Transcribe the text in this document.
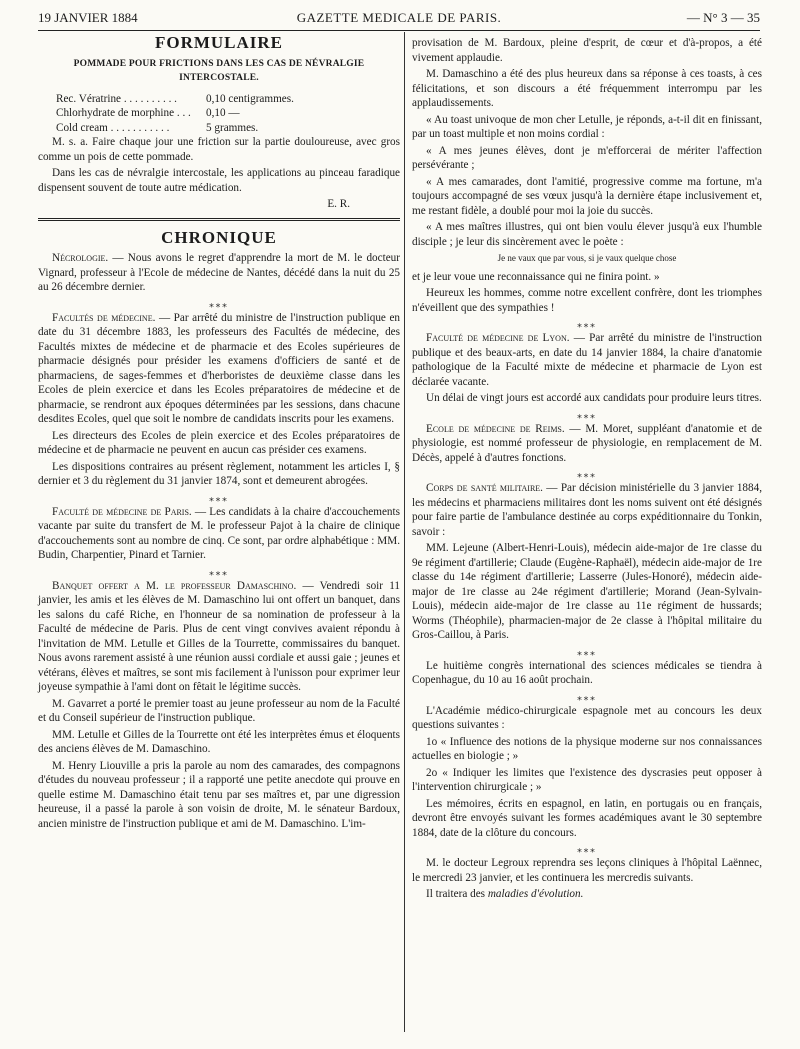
19 JANVIER 1884	GAZETTE MEDICALE DE PARIS.	— N° 3 — 35
FORMULAIRE
POMMADE POUR FRICTIONS DANS LES CAS DE NÉVRALGIE INTERCOSTALE.
Rec. Vératrine . . . . . . . . . .	0,10 centigrammes.
Chlorhydrate de morphine . . .	0,10 —
Cold cream . . . . . . . . . . .	5 grammes.

M. s. a. Faire chaque jour une friction sur la partie douloureuse, avec gros comme un pois de cette pommade.

Dans les cas de névralgie intercostale, les applications au pinceau faradique dispensent souvent de toute autre médication.

E. R.

CHRONIQUE

Nécrologie. — Nous avons le regret d'apprendre la mort de M. le docteur Vignard, professeur à l'Ecole de médecine de Nantes, décédé dans la nuit du 25 au 26 décembre dernier.

⁎⁎⁎

Facultés de médecine. — Par arrêté du ministre de l'instruction publique en date du 31 décembre 1883, les professeurs des Facultés de médecine, des Facultés mixtes de médecine et de pharmacie et des Ecoles supérieures de pharmacie désignés pour présider les examens d'officiers de santé et de pharmaciens, de sages-femmes et d'herboristes de deuxième classe dans les Ecoles de plein exercice et dans les Ecoles préparatoires de médecine et de pharmacie, se rendront aux époques déterminées par les sessions, dans chacune desdites Ecoles, quel que soit le nombre de candidats inscrits pour les examens.

Les directeurs des Ecoles de plein exercice et des Ecoles préparatoires de médecine et de pharmacie ne peuvent en aucun cas présider ces examens.

Les dispositions contraires au présent règlement, notamment les articles I, § dernier et 3 du règlement du 31 janvier 1874, sont et demeurent abrogées.

⁎⁎⁎

Faculté de médecine de Paris. — Les candidats à la chaire d'accouchements vacante par suite du transfert de M. le professeur Pajot à la chaire de clinique d'accouchements sont au nombre de cinq. Ce sont, par ordre alphabétique : MM. Budin, Charpentier, Pinard et Tarnier.

⁎⁎⁎

Banquet offert a M. le professeur Damaschino. — Vendredi soir 11 janvier, les amis et les élèves de M. Damaschino lui ont offert un banquet, dans les salons du café Riche, en l'honneur de sa nomination de professeur à la Faculté de médecine de Paris. Plus de cent vingt convives avaient répondu à l'invitation de MM. Letulle et Gilles de la Tourrette, commissaires du banquet. Nous avons rarement assisté à une réunion aussi cordiale et aussi gaie ; jeunes et vétérans, élèves et maîtres, se sont mis facilement à l'unisson pour exprimer leur joyeuse sympathie à l'ami dont on fêtait le légitime succès.

M. Gavarret a porté le premier toast au jeune professeur au nom de la Faculté et du Conseil supérieur de l'instruction publique.

MM. Letulle et Gilles de la Tourrette ont été les interprètes émus et éloquents des anciens élèves de M. Damaschino.

M. Henry Liouville a pris la parole au nom des camarades, des compagnons d'études du nouveau professeur ; il a rapporté une petite anecdote qui prouve en quelle estime M. Damaschino était tenu par ses maîtres et, par une digression heureuse, il a passé la parole à son voisin de droite, M. le sénateur Bardoux, ancien ministre de l'instruction publique et ami de M. Damaschino. L'im-

provisation de M. Bardoux, pleine d'esprit, de cœur et d'à-propos, a été vivement applaudie.

M. Damaschino a été des plus heureux dans sa réponse à ces toasts, à ces félicitations, et son discours a été fréquemment interrompu par les applaudissements.

« Au toast univoque de mon cher Letulle, je réponds, a-t-il dit en finissant, par un toast multiple et non moins cordial :

« A mes jeunes élèves, dont je m'efforcerai de mériter l'affection persévérante ;

« A mes camarades, dont l'amitié, progressive comme ma fortune, m'a toujours accompagné de ses vœux jusqu'à la dernière étape inclusivement et, me restant fidèle, a doublé pour moi la joie du succès.

« A mes maîtres illustres, qui ont bien voulu élever jusqu'à eux l'humble disciple ; je leur dis sincèrement avec le poète :

Je ne vaux que par vous, si je vaux quelque chose

et je leur voue une reconnaissance qui ne finira point. »

Heureux les hommes, comme notre excellent confrère, dont les triomphes n'éveillent que des sympathies !

⁎⁎⁎

Faculté de médecine de Lyon. — Par arrêté du ministre de l'instruction publique et des beaux-arts, en date du 14 janvier 1884, la chaire d'anatomie pathologique de la Faculté mixte de médecine et pharmacie de Lyon est déclarée vacante.

Un délai de vingt jours est accordé aux candidats pour produire leurs titres.

⁎⁎⁎

Ecole de médecine de Reims. — M. Moret, suppléant d'anatomie et de physiologie, est nommé professeur de physiologie, en remplacement de M. Décès, appelé à d'autres fonctions.

⁎⁎⁎

Corps de santé militaire. — Par décision ministérielle du 3 janvier 1884, les médecins et pharmaciens militaires dont les noms suivent ont été désignés pour faire partie de l'ambulance destinée au corps expéditionnaire du Tonkin, savoir :

MM. Lejeune (Albert-Henri-Louis), médecin aide-major de 1re classe du 9e régiment d'artillerie; Claude (Eugène-Raphaël), médecin aide-major de 1re classe du 14e régiment d'artillerie; Lasserre (Jules-Honoré), médecin aide-major de 1re classe au 24e régiment d'artillerie; Morand (Jean-Sylvain-Louis), médecin aide-major de 1re classe au 11e régiment de hussards; Worms (Théophile), pharmacien-major de 2e classe à l'hôpital militaire du Gros-Caillou, à Paris.

⁎⁎⁎

Le huitième congrès international des sciences médicales se tiendra à Copenhague, du 10 au 16 août prochain.

⁎⁎⁎

L'Académie médico-chirurgicale espagnole met au concours les deux questions suivantes :

1o « Influence des notions de la physique moderne sur nos connaissances actuelles en biologie ; »

2o « Indiquer les limites que l'existence des dyscrasies peut opposer à l'intervention chirurgicale ; »

Les mémoires, écrits en espagnol, en latin, en portugais ou en français, devront être envoyés suivant les formes académiques avant le 30 septembre 1884, date de la clôture du concours.

⁎⁎⁎

M. le docteur Legroux reprendra ses leçons cliniques à l'hôpital Laënnec, le mercredi 23 janvier, et les continuera les mercredis suivants.

Il traitera des maladies d'évolution.
